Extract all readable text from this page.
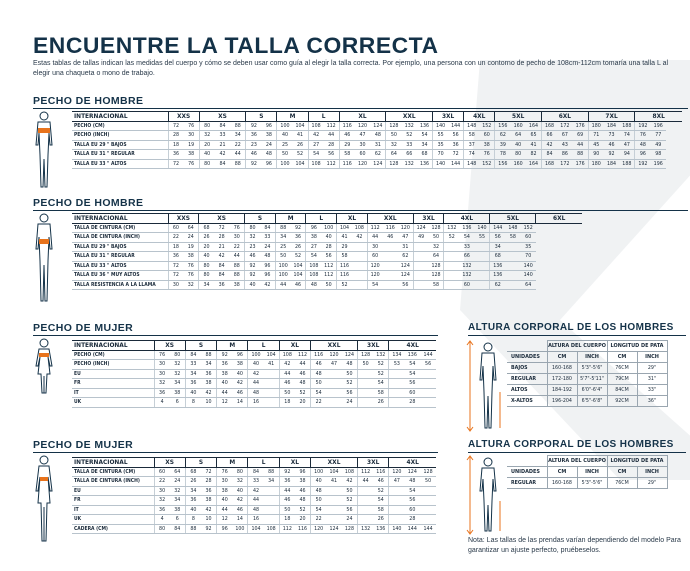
ENCUENTRE LA TALLA CORRECTA
Estas tablas de tallas indican las medidas del cuerpo y cómo se deben usar como guía al elegir la talla correcta. Por ejemplo, una persona con un contorno de pecho de 108cm-112cm tomaría una talla L al elegir una chaqueta o mono de trabajo.
PECHO DE HOMBRE
INTERNACIONAL	XXS		XS			S		M		L		XL			XXL			3XL		4XL		5XL			6XL			7XL			8XL	
PECHO (CM)	72	76	80	84	88	92	96	100	104	108	112	116	120	124	128	132	136	140	144	148	152	156	160	164	168	172	176	180	184	188	192	196
PECHO (INCH)	28	30	32	33	34	36	38	40	41	42	44	46	47	48	50	52	54	55	56	58	60	62	64	65	66	67	69	71	73	74	76	77
TALLA EU 29 " BAJOS	18	19	20	21	22	23	24	25	26	27	28	29	30	31	32	33	34	35	36	37	38	39	40	41	42	43	44	45	46	47	48	49
TALLA EU 31 " REGULAR	36	38	40	42	44	46	48	50	52	54	56	58	60	62	64	66	68	70	72	74	76	78	80	82	84	86	88	90	92	94	96	98
TALLA EU 33 " ALTOS	72	76	80	84	88	92	96	100	104	108	112	116	120	124	128	132	136	140	144	148	152	156	160	164	168	172	176	180	184	188	192	196
PECHO DE HOMBRE
INTERNACIONAL	XXS		XS			S		M		L		XL		XXL			3XL		4XL			5XL			6XL
TALLA DE CINTURA (CM)	60	64	68	72	76	80	84	88	92	96	100	104	108	112	116	120	124	128	132	136	140	144	148	152	
TALLA DE CINTURA (INCH)	22	24	26	28	30	32	33	34	36	38	40	41	42	44	46	47	49	50	52	54	55	56	58	60	
TALLA EU 29 " BAJOS	18	19	20	21	22	23	24	25	26	27	28	29		30		31		32		33		34		35	
TALLA EU 31 " REGULAR	36	38	40	42	44	46	48	50	52	54	56	58		60		62		64		66		68		70	
TALLA EU 33 " ALTOS	72	76	80	84	88	92	96	100	104	108	112	116		120		124		128		132		136		140	
TALLA EU 36 " MUY ALTOS	72	76	80	84	88	92	96	100	104	108	112	116		120		124		128		132		136		140	
TALLA RESISTENCIA A LA LLAMA	30	32	34	36	38	40	42	44	46	48	50	52		54		56		58		60		62		64	
PECHO DE MUJER
INTERNACIONAL	XS		S		M		L		XL		XXL			3XL		4XL		
PECHO (CM)	76	80	84	88	92	96	100	104	108	112	116	120	124	128	132	134	136	144
PECHO (INCH)	30	32	33	34	36	38	40	41	42	44	46	47	48	50	52	53	54	56
EU	30	32	34	36	38	40	42		44	46	48		50		52		54	
FR	32	34	36	38	40	42	44		46	48	50		52		54		56	
IT	36	38	40	42	44	46	48		50	52	54		56		58		60	
UK	4	6	8	10	12	14	16		18	20	22		24		26		28	
PECHO DE MUJER
INTERNACIONAL	XS		S		M		L		XL		XXL			3XL		4XL		
TALLA DE CINTURA (CM)	60	64	68	72	76	80	84	88	92	96	100	104	108	112	116	120	124	128
TALLA DE CINTURA (INCH)	22	24	26	28	30	32	33	34	36	38	40	41	42	44	46	47	48	50
EU	30	32	34	36	38	40	42		44	46	48		50		52		54	
FR	32	34	36	38	40	42	44		46	48	50		52		54		56	
IT	36	38	40	42	44	46	48		50	52	54		56		58		60	
UK	4	6	8	10	12	14	16		18	20	22		24		26		28	
CADERA (CM)	80	84	88	92	96	100	104	108	112	116	120	124	128	132	136	140	144	144
ALTURA CORPORAL DE LOS HOMBRES
	ALTURA DEL CUERPO		LONGITUD DE PATA	
UNIDADES	CM	INCH	CM	INCH
BAJOS	160-168	5'3"-5'6"	76CM	29"
REGULAR	172-180	5'7"-5'11"	79CM	31"
ALTOS	184-192	6'0"-6'4"	84CM	33"
X-ALTOS	196-204	6'5"-6'8"	92CM	36"
ALTURA CORPORAL DE LOS HOMBRES
	ALTURA DEL CUERPO		LONGITUD DE PATA	
UNIDADES	CM	INCH	CM	INCH
REGULAR	160-168	5'3"-5'6"	76CM	29"
Nota: Las tallas de las prendas varían dependiendo del modelo Para garantizar un ajuste perfecto, pruébeselos.
